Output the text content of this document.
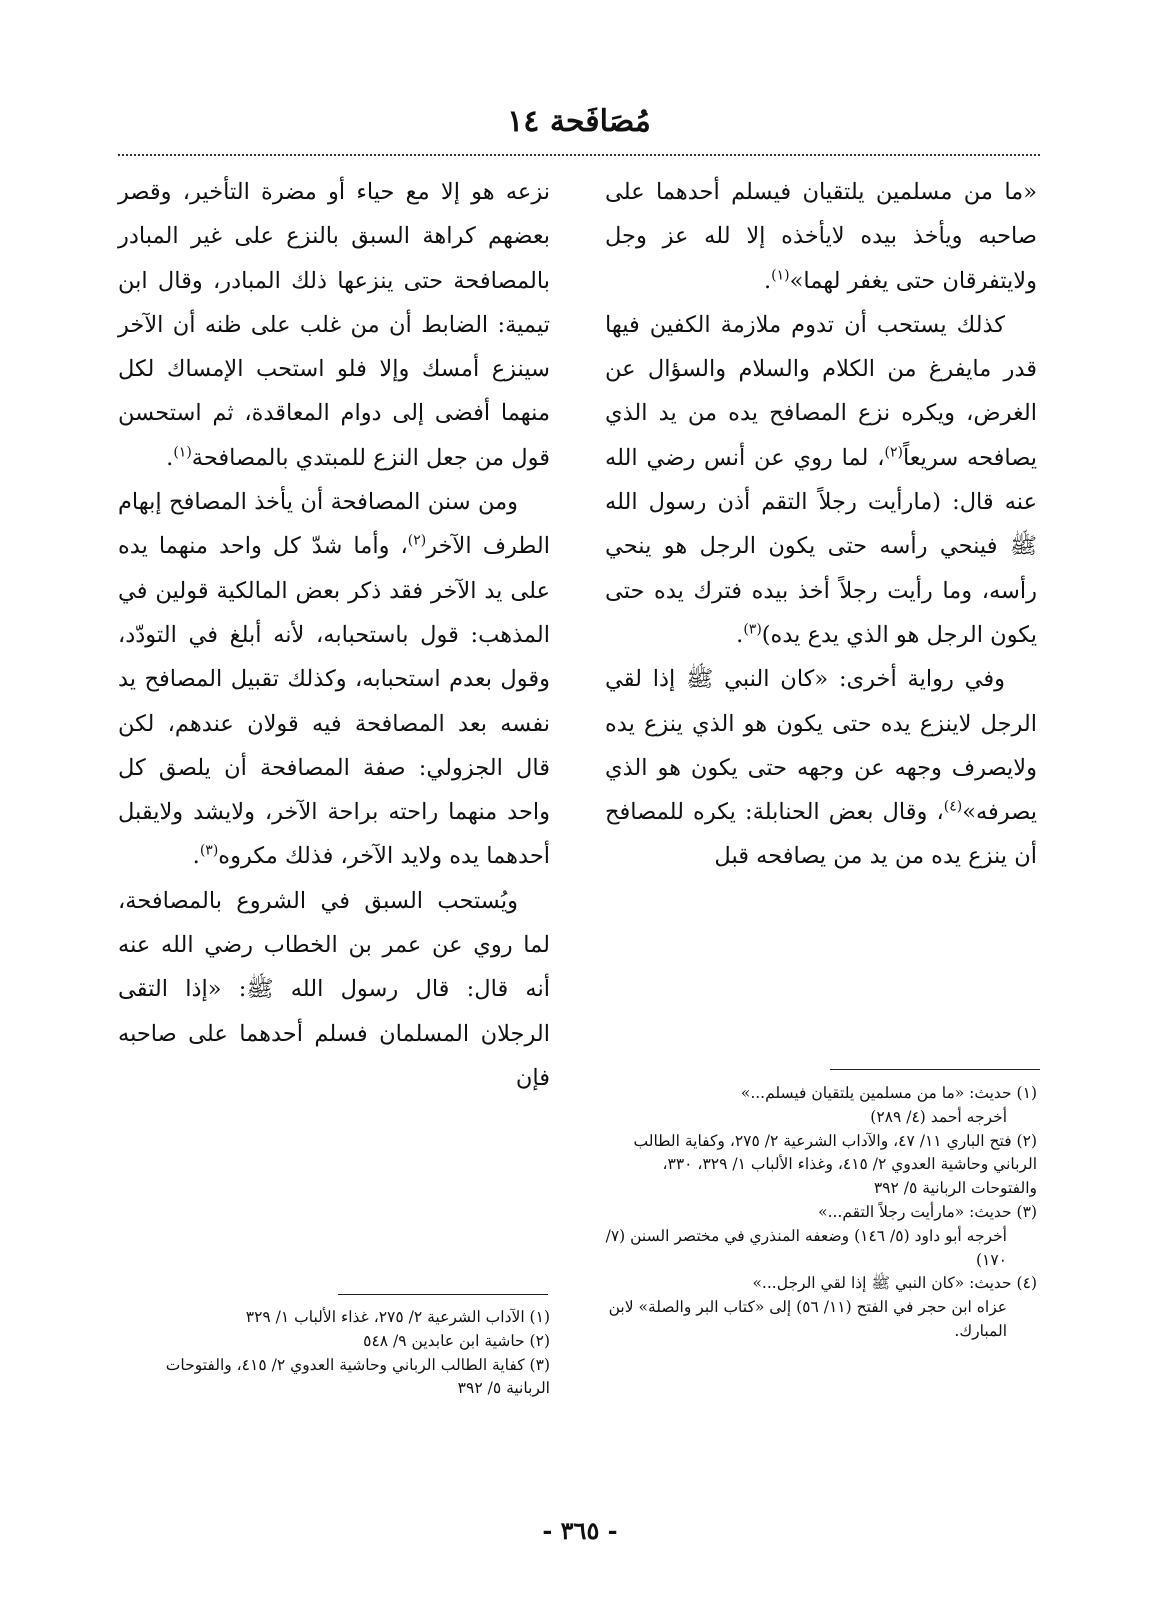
مُصَافَحة ١٤

«ما من مسلمين يلتقيان فيسلم أحدهما على صاحبه ويأخذ بيده لايأخذه إلا لله عز وجل ولايتفرقان حتى يغفر لهما»$^{(١)}$.

كذلك يستحب أن تدوم ملازمة الكفين فيها قدر مايفرغ من الكلام والسلام والسؤال عن الغرض، ويكره نزع المصافح يده من يد الذي يصافحه سريعاً$^{(٢)}$، لما روي عن أنس رضي الله عنه قال: (مارأيت رجلاً التقم أذن رسول الله ﷺ فينحي رأسه حتى يكون الرجل هو ينحي رأسه، وما رأيت رجلاً أخذ بيده فترك يده حتى يكون الرجل هو الذي يدع يده)$^{(٣)}$.

وفي رواية أخرى: «كان النبي ﷺ إذا لقي الرجل لاينزع يده حتى يكون هو الذي ينزع يده ولايصرف وجهه عن وجهه حتى يكون هو الذي يصرفه»$^{(٤)}$، وقال بعض الحنابلة: يكره للمصافح أن ينزع يده من يد من يصافحه قبل

نزعه هو إلا مع حياء أو مضرة التأخير، وقصر بعضهم كراهة السبق بالنزع على غير المبادر بالمصافحة حتى ينزعها ذلك المبادر، وقال ابن تيمية: الضابط أن من غلب على ظنه أن الآخر سينزع أمسك وإلا فلو استحب الإمساك لكل منهما أفضى إلى دوام المعاقدة، ثم استحسن قول من جعل النزع للمبتدي بالمصافحة$^{(١)}$.

ومن سنن المصافحة أن يأخذ المصافح إبهام الطرف الآخر$^{(٢)}$، وأما شدّ كل واحد منهما يده على يد الآخر فقد ذكر بعض المالكية قولين في المذهب: قول باستحبابه، لأنه أبلغ في التودّد، وقول بعدم استحبابه، وكذلك تقبيل المصافح يد نفسه بعد المصافحة فيه قولان عندهم، لكن قال الجزولي: صفة المصافحة أن يلصق كل واحد منهما راحته براحة الآخر، ولايشد ولايقبل أحدهما يده ولايد الآخر، فذلك مكروه$^{(٣)}$.

ويُستحب السبق في الشروع بالمصافحة، لما روي عن عمر بن الخطاب رضي الله عنه أنه قال: قال رسول الله ﷺ: «إذا التقى الرجلان المسلمان فسلم أحدهما على صاحبه فإن

(١) حديث: «ما من مسلمين يلتقيان فيسلم...»

أخرجه أحمد (٤/ ٢٨٩)

(٢) فتح الباري ١١/ ٤٧، والآداب الشرعية ٢/ ٢٧٥، وكفاية الطالب الرباني وحاشية العدوي ٢/ ٤١٥، وغذاء الألباب ١/ ٣٢٩، ٣٣٠، والفتوحات الربانية ٥/ ٣٩٢

(٣) حديث: «مارأيت رجلاً التقم...»

أخرجه أبو داود (٥/ ١٤٦) وضعفه المنذري في مختصر السنن (٧/ ١٧٠)

(٤) حديث: «كان النبي ﷺ إذا لقي الرجل...»

عزاه ابن حجر في الفتح (١١/ ٥٦) إلى «كتاب البر والصلة» لابن المبارك.

(١) الآداب الشرعية ٢/ ٢٧٥، غذاء الألباب ١/ ٣٢٩

(٢) حاشية ابن عابدين ٩/ ٥٤٨

(٣) كفاية الطالب الرباني وحاشية العدوي ٢/ ٤١٥، والفتوحات الربانية ٥/ ٣٩٢

- ٣٦٥ -
